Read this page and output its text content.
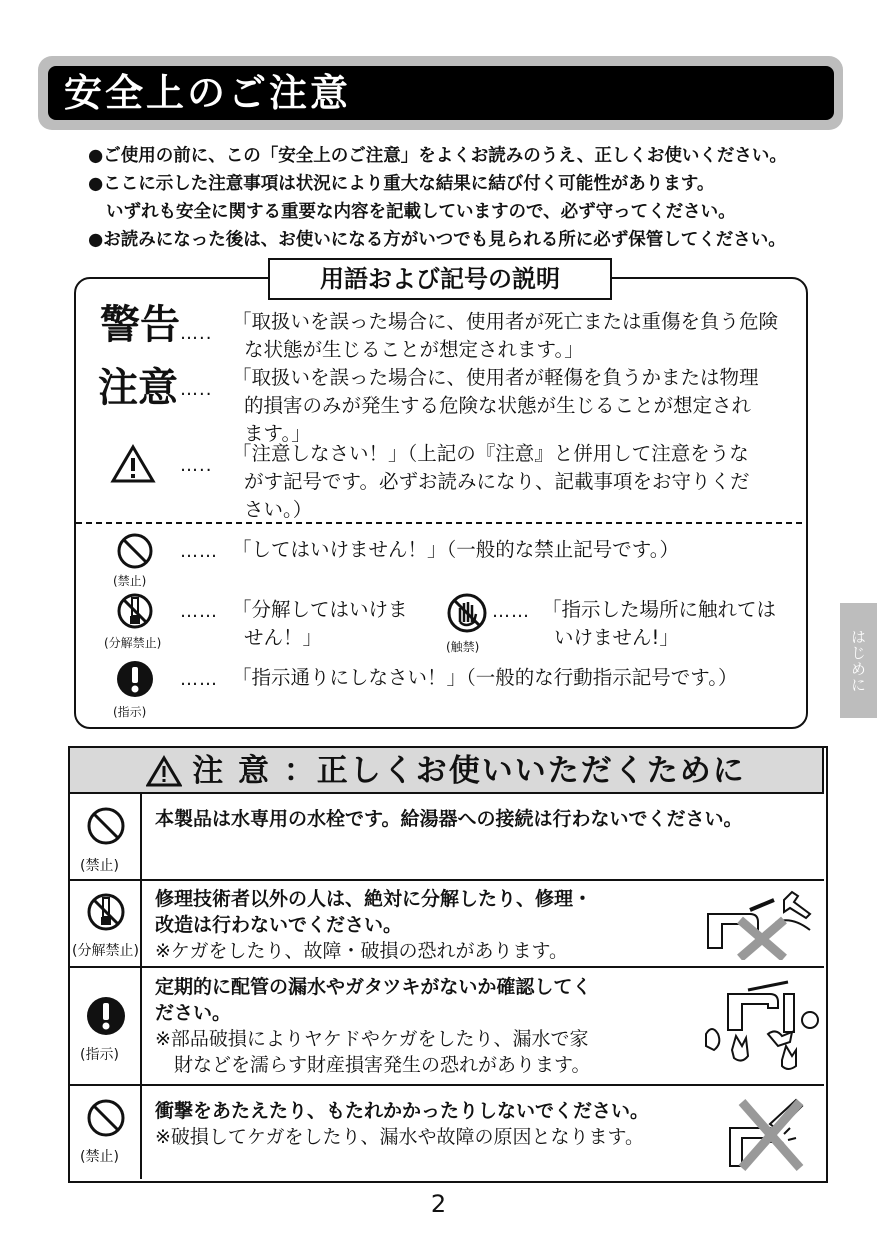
安全上のご注意
●ご使用の前に、この「安全上のご注意」をよくお読みのうえ、正しくお使いください。
●ここに示した注意事項は状況により重大な結果に結び付く可能性があります。
いずれも安全に関する重要な内容を記載していますので、必ず守ってください。
●お読みになった後は、お使いになる方がいつでも見られる所に必ず保管してください。
用語および記号の説明
警告 …..
「取扱いを誤った場合に、使用者が死亡または重傷を負う危険
な状態が生じることが想定されます。」
注意 …..
「取扱いを誤った場合に、使用者が軽傷を負うかまたは物理
的損害のみが発生する危険な状態が生じることが想定され
ます。」
…..
「注意しなさい！」（上記の『注意』と併用して注意をうな
がす記号です。必ずお読みになり、記載事項をお守りくだ
さい。）
(禁止)
…… 「してはいけません！」（一般的な禁止記号です。）
(分解禁止)
…… 「分解してはいけま
せん！」	(触禁)
…… 「指示した場所に触れては
いけません!」
(指示)
…… 「指示通りにしなさい！」（一般的な行動指示記号です。）	はじめに
注 意 ：正しくお使いいただくために
(禁止)
本製品は水専用の水栓です。給湯器への接続は行わないでください。
(分解禁止)
修理技術者以外の人は、絶対に分解したり、修理・
改造は行わないでください。
※ケガをしたり、故障・破損の恐れがあります。
(指示)
定期的に配管の漏水やガタツキがないか確認してく
ださい。
※部品破損によりヤケドやケガをしたり、漏水で家
　財などを濡らす財産損害発生の恐れがあります。
(禁止)
衝撃をあたえたり、もたれかかったりしないでください。
※破損してケガをしたり、漏水や故障の原因となります。
2
